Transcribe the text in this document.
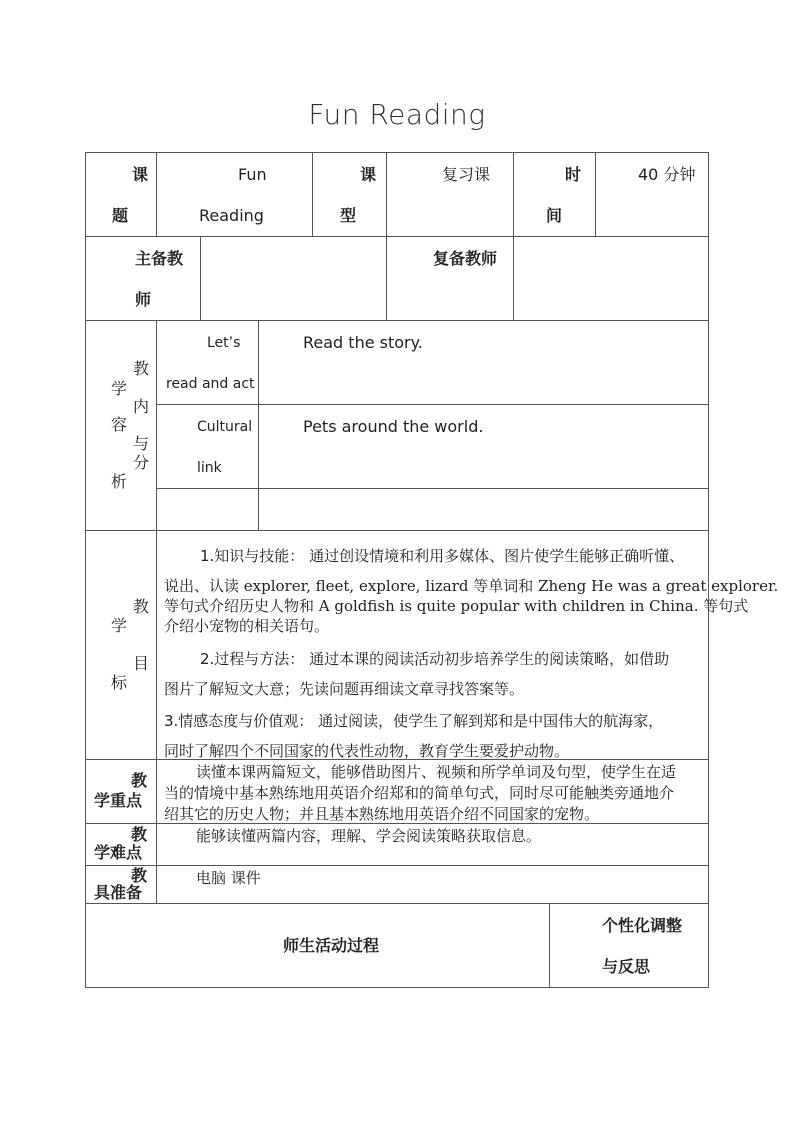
Fun Reading
课
题
Fun
Reading
课
型
复习课	时
间
40 分钟
主备教
师
复备教师
教
学
内
容
与
分
析
Let’s
read and act
Read the story.
Cultural
link
Pets around the world.
教
学
目
标
1.知识与技能： 通过创设情境和利用多媒体、图片使学生能够正确听懂、
说出、认读 explorer, fleet, explore, lizard 等单词和 Zheng He was a great explorer.
等句式介绍历史人物和 A goldfish is quite popular with children in China. 等句式
介绍小宠物的相关语句。
2.过程与方法： 通过本课的阅读活动初步培养学生的阅读策略，如借助
图片了解短文大意；先读问题再细读文章寻找答案等。
3.情感态度与价值观： 通过阅读，使学生了解到郑和是中国伟大的航海家，
同时了解四个不同国家的代表性动物，教育学生要爱护动物。
教
学重点
读懂本课两篇短文，能够借助图片、视频和所学单词及句型，使学生在适
当的情境中基本熟练地用英语介绍郑和的简单句式，同时尽可能触类旁通地介
绍其它的历史人物；并且基本熟练地用英语介绍不同国家的宠物。
教
学难点
能够读懂两篇内容，理解、学会阅读策略获取信息。
教
具准备
电脑 课件
师生活动过程
个性化调整
与反思
